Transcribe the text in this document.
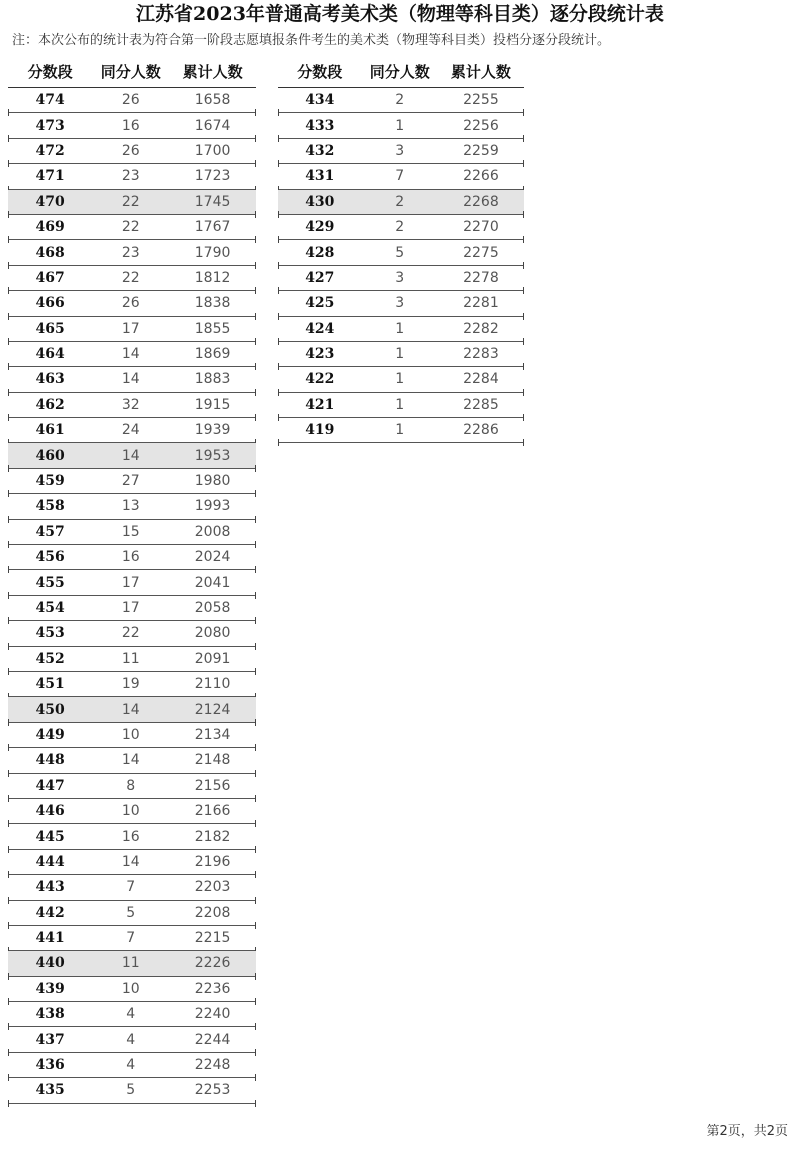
江苏省2023年普通高考美术类（物理等科目类）逐分段统计表
注：本次公布的统计表为符合第一阶段志愿填报条件考生的美术类（物理等科目类）投档分逐分段统计。
分数段	同分人数	累计人数
474	26	1658
473	16	1674
472	26	1700
471	23	1723
470	22	1745
469	22	1767
468	23	1790
467	22	1812
466	26	1838
465	17	1855
464	14	1869
463	14	1883
462	32	1915
461	24	1939
460	14	1953
459	27	1980
458	13	1993
457	15	2008
456	16	2024
455	17	2041
454	17	2058
453	22	2080
452	11	2091
451	19	2110
450	14	2124
449	10	2134
448	14	2148
447	8	2156
446	10	2166
445	16	2182
444	14	2196
443	7	2203
442	5	2208
441	7	2215
440	11	2226
439	10	2236
438	4	2240
437	4	2244
436	4	2248
435	5	2253
分数段	同分人数	累计人数
434	2	2255
433	1	2256
432	3	2259
431	7	2266
430	2	2268
429	2	2270
428	5	2275
427	3	2278
425	3	2281
424	1	2282
423	1	2283
422	1	2284
421	1	2285
419	1	2286
第2页，共2页
